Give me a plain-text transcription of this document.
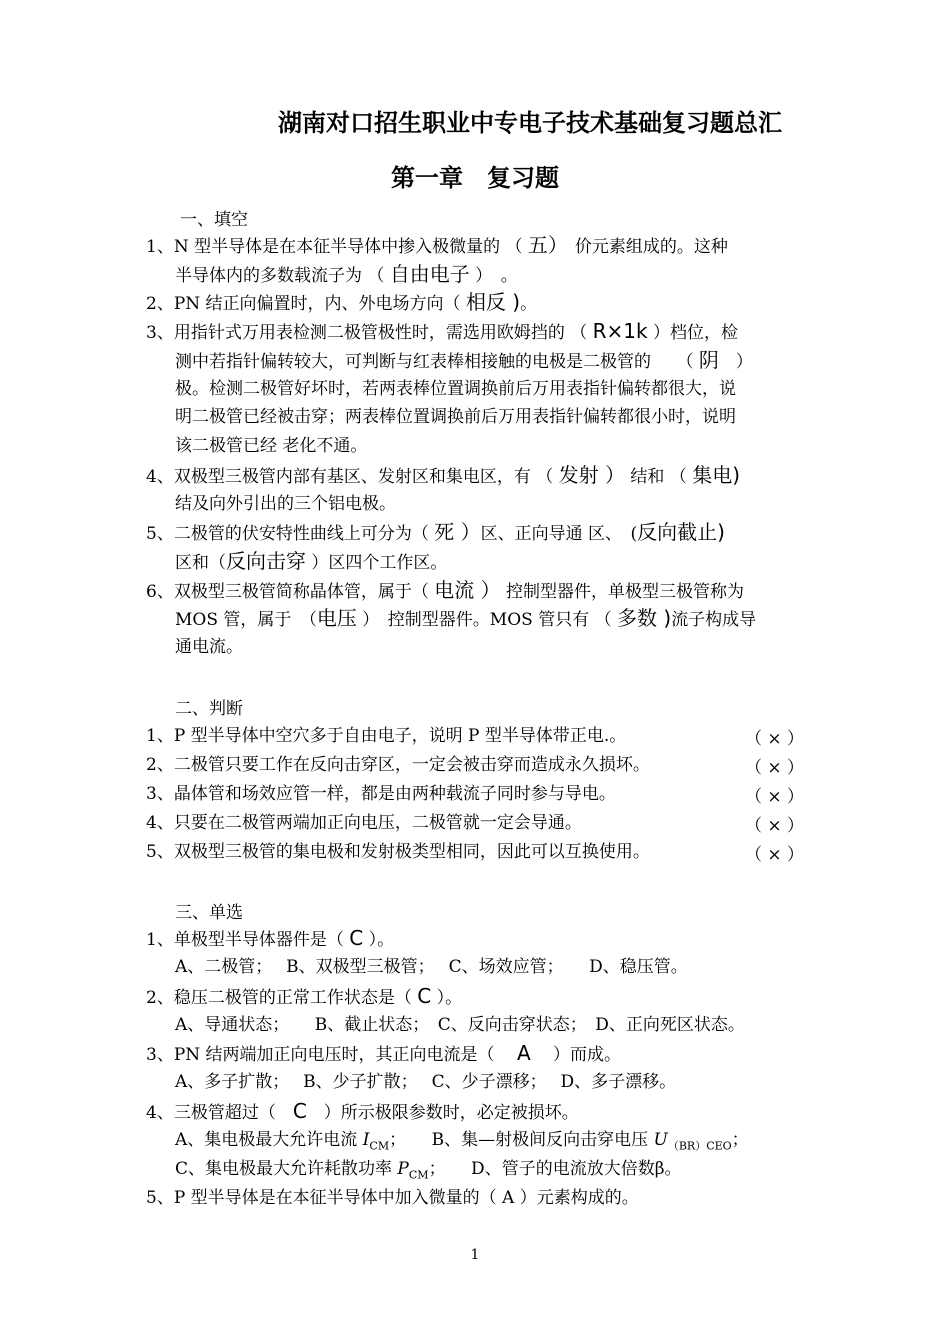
湖南对口招生职业中专电子技术基础复习题总汇
第一章　复习题
一、填空
1、N 型半导体是在本征半导体中掺入极微量的 （ 五）　价元素组成的。这种
半导体内的多数载流子为 （ 自由电子 ）　。
2、PN 结正向偏置时，内、外电场方向（ 相反 )。
3、用指针式万用表检测二极管极性时，需选用欧姆挡的 （ R×1k ）档位，检
测中若指针偏转较大，可判断与红表棒相接触的电极是二极管的　　（ 阴　）
极。检测二极管好坏时，若两表棒位置调换前后万用表指针偏转都很大，说
明二极管已经被击穿；两表棒位置调换前后万用表指针偏转都很小时，说明
该二极管已经 老化不通。
4、双极型三极管内部有基区、发射区和集电区，有 （ 发射 ） 结和 （ 集电)
结及向外引出的三个铝电极。
5、二极管的伏安特性曲线上可分为（ 死 ）区、正向导通 区、　(反向截止)
区和（反向击穿 ）区四个工作区。
6、双极型三极管简称晶体管，属于（ 电流 ） 控制型器件，单极型三极管称为
MOS 管，属于　（电压 ）　控制型器件。MOS 管只有 （ 多数 )流子构成导
通电流。
二、判断
1、P 型半导体中空穴多于自由电子，说明 P 型半导体带正电.。	（ × ）
2、二极管只要工作在反向击穿区，一定会被击穿而造成永久损坏。	（ × ）
3、晶体管和场效应管一样，都是由两种载流子同时参与导电。	（ × ）
4、只要在二极管两端加正向电压，二极管就一定会导通。	（ × ）
5、双极型三极管的集电极和发射极类型相同，因此可以互换使用。	（ × ）
三、单选
1、单极型半导体器件是（ C ）。
A、二极管；　 B、双极型三极管；　 C、场效应管；　　D、稳压管。
2、稳压二极管的正常工作状态是（ C ）。
A、导通状态；　　B、截止状态；　C、反向击穿状态；　D、正向死区状态。
3、PN 结两端加正向电压时，其正向电流是（　 A　 ）而成。
A、多子扩散；　 B、少子扩散；　 C、少子漂移；　 D、多子漂移。
4、三极管超过（　C　）所示极限参数时，必定被损坏。
A、集电极最大允许电流 $I_{CM}$；　　B、集—射极间反向击穿电压 $U_{(BR)CEO}$；
C、集电极最大允许耗散功率 $P_{CM}$；　　D、管子的电流放大倍数β。
5、P 型半导体是在本征半导体中加入微量的（ A ）元素构成的。
1
